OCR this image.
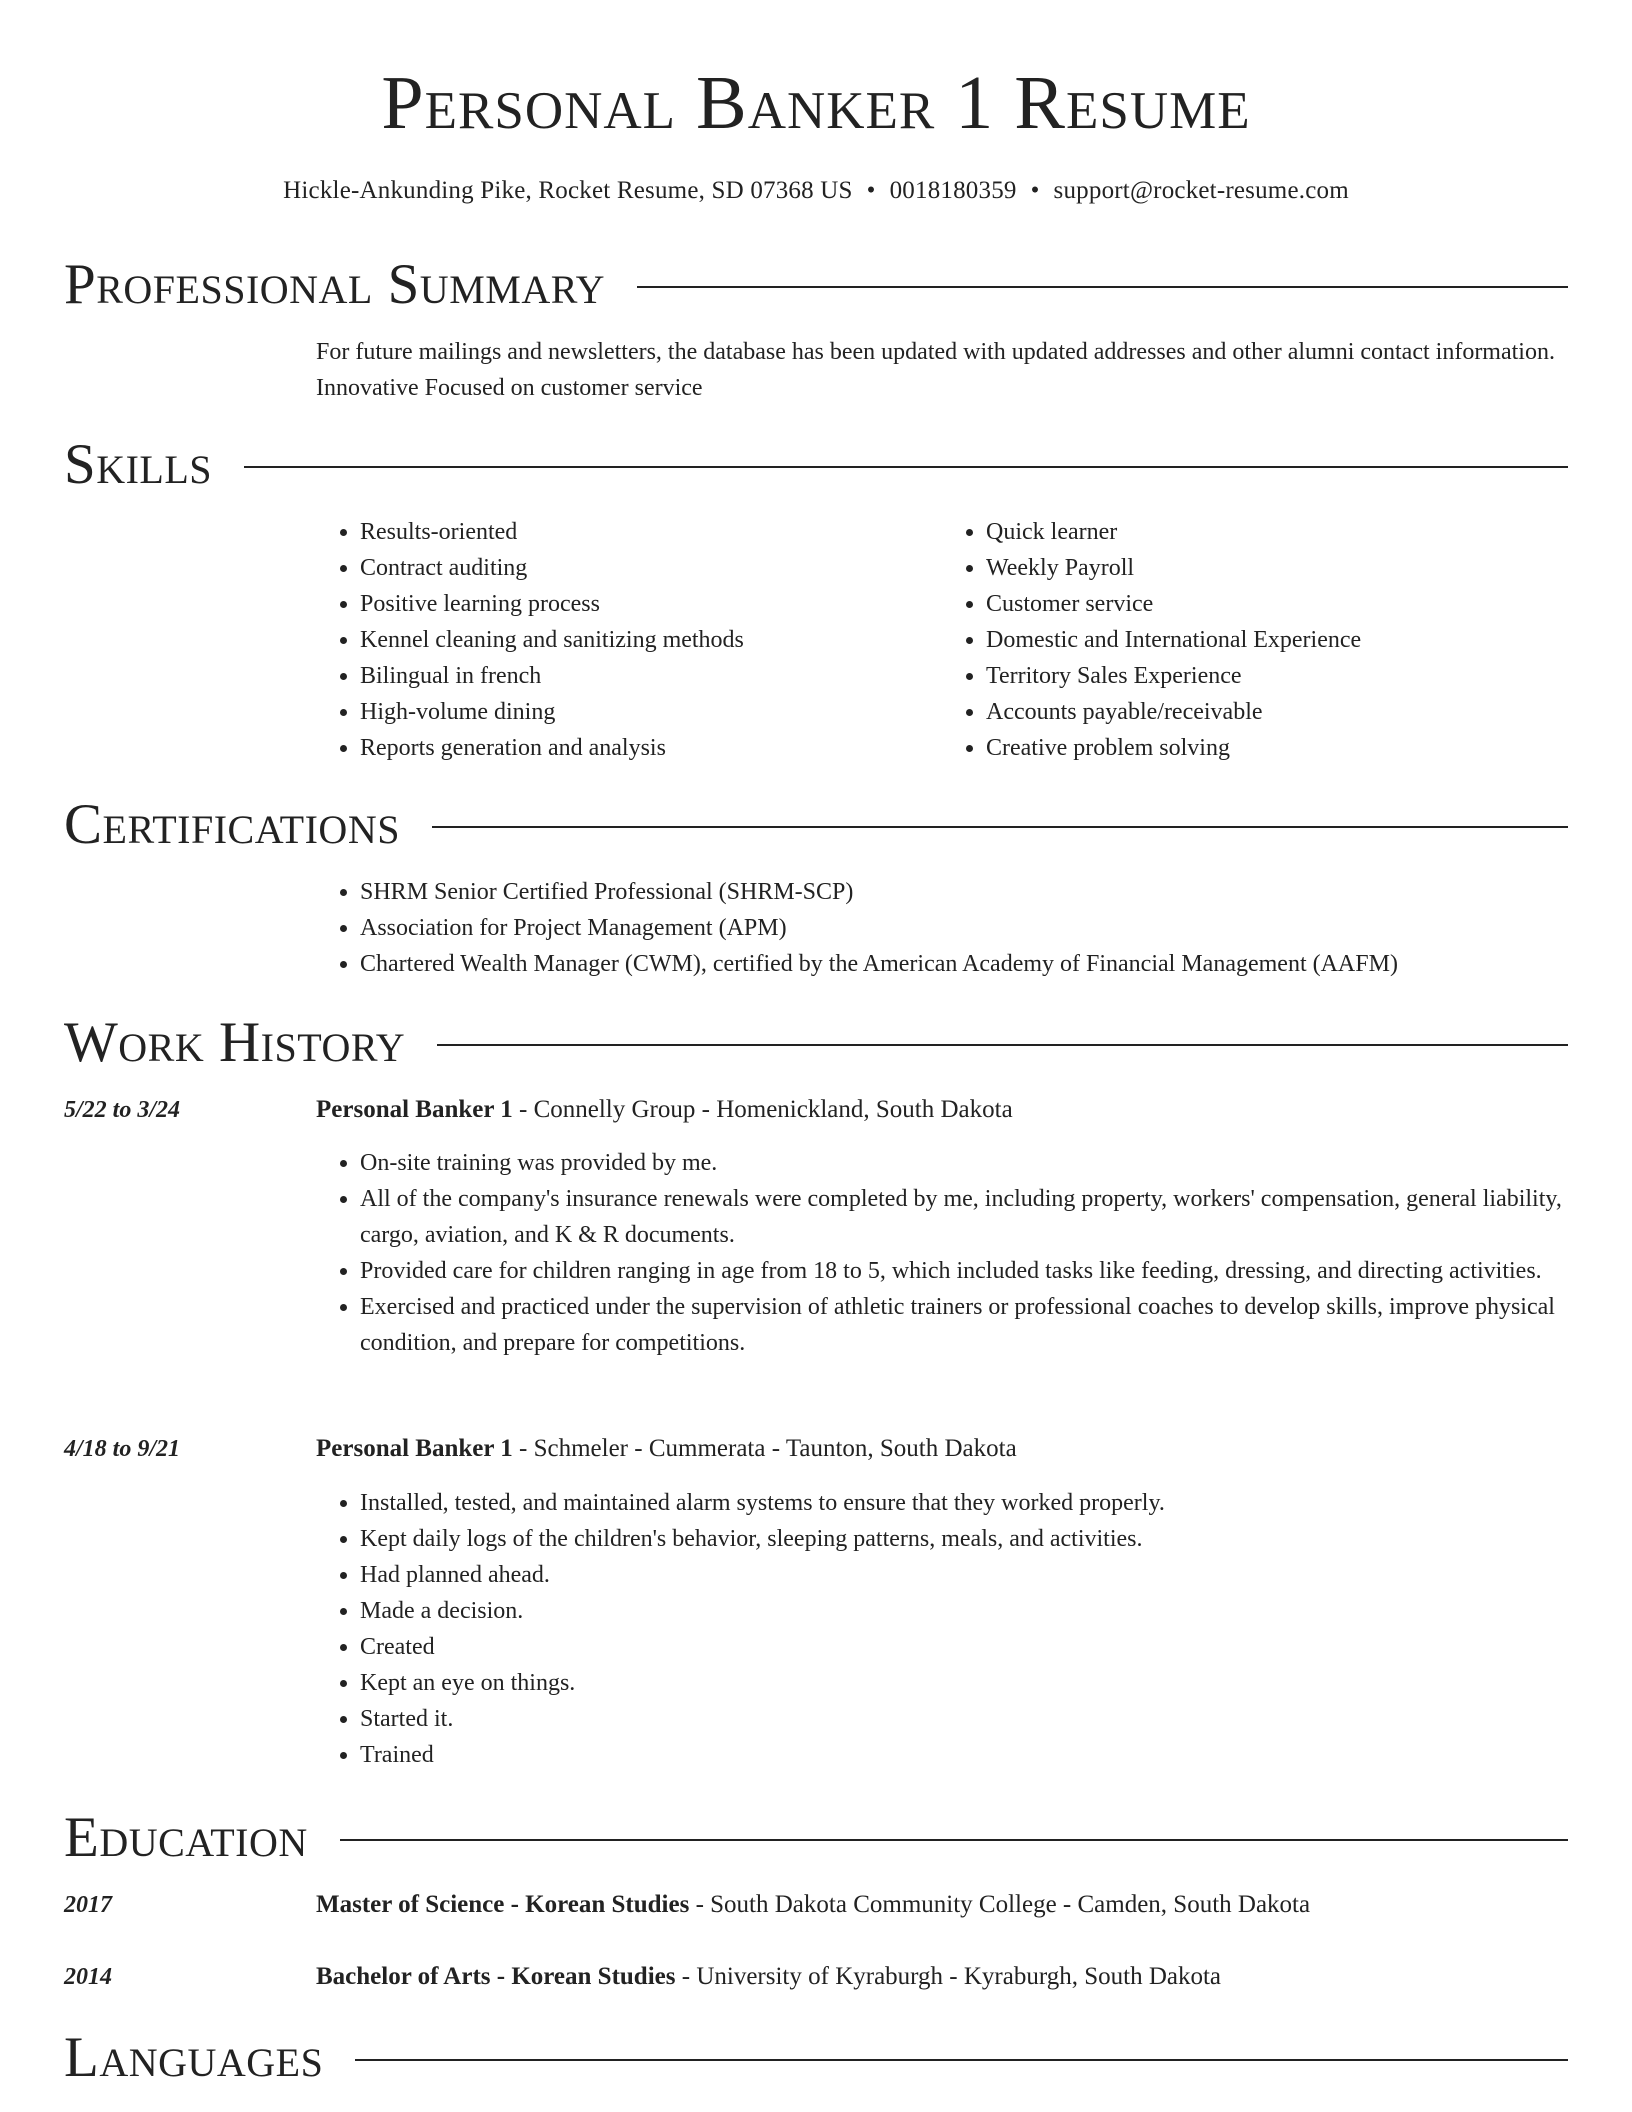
Personal Banker 1 Resume
Hickle-Ankunding Pike, Rocket Resume, SD 07368 US • 0018180359 • support@rocket-resume.com
Professional Summary
For future mailings and newsletters, the database has been updated with updated addresses and other alumni contact information. Innovative Focused on customer service
Skills
• Results-oriented
• Contract auditing
• Positive learning process
• Kennel cleaning and sanitizing methods
• Bilingual in french
• High-volume dining
• Reports generation and analysis
• Quick learner
• Weekly Payroll
• Customer service
• Domestic and International Experience
• Territory Sales Experience
• Accounts payable/receivable
• Creative problem solving
Certifications
• SHRM Senior Certified Professional (SHRM-SCP)
• Association for Project Management (APM)
• Chartered Wealth Manager (CWM), certified by the American Academy of Financial Management (AAFM)
Work History
5/22 to 3/24	Personal Banker 1 - Connelly Group - Homenickland, South Dakota
• On-site training was provided by me.
• All of the company's insurance renewals were completed by me, including property, workers' compensation, general liability, cargo, aviation, and K & R documents.
• Provided care for children ranging in age from 18 to 5, which included tasks like feeding, dressing, and directing activities.
• Exercised and practiced under the supervision of athletic trainers or professional coaches to develop skills, improve physical condition, and prepare for competitions.
4/18 to 9/21	Personal Banker 1 - Schmeler - Cummerata - Taunton, South Dakota
• Installed, tested, and maintained alarm systems to ensure that they worked properly.
• Kept daily logs of the children's behavior, sleeping patterns, meals, and activities.
• Had planned ahead.
• Made a decision.
• Created
• Kept an eye on things.
• Started it.
• Trained
Education
2017	Master of Science - Korean Studies - South Dakota Community College - Camden, South Dakota
2014	Bachelor of Arts - Korean Studies - University of Kyraburgh - Kyraburgh, South Dakota
Languages
